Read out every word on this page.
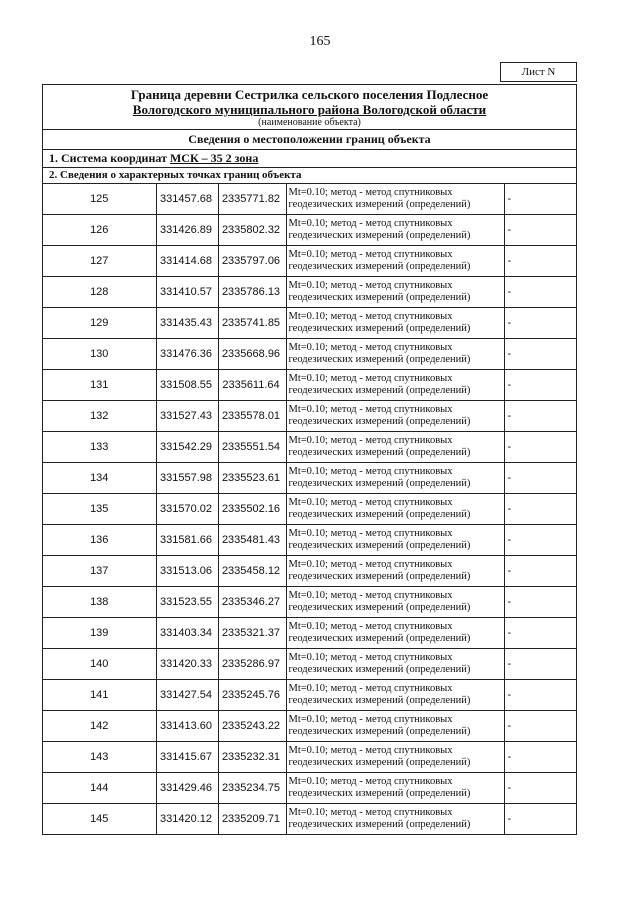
165
Лист N
Граница деревни Сестрилка сельского поселения Подлесное
Вологодского муниципального района Вологодской области
(наименование объекта)
Сведения о местоположении границ объекта
1. Система координат МСК – 35 2 зона
2. Сведения о характерных точках границ объекта
125	331457.68	2335771.82	Mt=0.10; метод - метод спутниковых
геодезических измерений (определений)	-
126	331426.89	2335802.32	Mt=0.10; метод - метод спутниковых
геодезических измерений (определений)	-
127	331414.68	2335797.06	Mt=0.10; метод - метод спутниковых
геодезических измерений (определений)	-
128	331410.57	2335786.13	Mt=0.10; метод - метод спутниковых
геодезических измерений (определений)	-
129	331435.43	2335741.85	Mt=0.10; метод - метод спутниковых
геодезических измерений (определений)	-
130	331476.36	2335668.96	Mt=0.10; метод - метод спутниковых
геодезических измерений (определений)	-
131	331508.55	2335611.64	Mt=0.10; метод - метод спутниковых
геодезических измерений (определений)	-
132	331527.43	2335578.01	Mt=0.10; метод - метод спутниковых
геодезических измерений (определений)	-
133	331542.29	2335551.54	Mt=0.10; метод - метод спутниковых
геодезических измерений (определений)	-
134	331557.98	2335523.61	Mt=0.10; метод - метод спутниковых
геодезических измерений (определений)	-
135	331570.02	2335502.16	Mt=0.10; метод - метод спутниковых
геодезических измерений (определений)	-
136	331581.66	2335481.43	Mt=0.10; метод - метод спутниковых
геодезических измерений (определений)	-
137	331513.06	2335458.12	Mt=0.10; метод - метод спутниковых
геодезических измерений (определений)	-
138	331523.55	2335346.27	Mt=0.10; метод - метод спутниковых
геодезических измерений (определений)	-
139	331403.34	2335321.37	Mt=0.10; метод - метод спутниковых
геодезических измерений (определений)	-
140	331420.33	2335286.97	Mt=0.10; метод - метод спутниковых
геодезических измерений (определений)	-
141	331427.54	2335245.76	Mt=0.10; метод - метод спутниковых
геодезических измерений (определений)	-
142	331413.60	2335243.22	Mt=0.10; метод - метод спутниковых
геодезических измерений (определений)	-
143	331415.67	2335232.31	Mt=0.10; метод - метод спутниковых
геодезических измерений (определений)	-
144	331429.46	2335234.75	Mt=0.10; метод - метод спутниковых
геодезических измерений (определений)	-
145	331420.12	2335209.71	Mt=0.10; метод - метод спутниковых
геодезических измерений (определений)	-
